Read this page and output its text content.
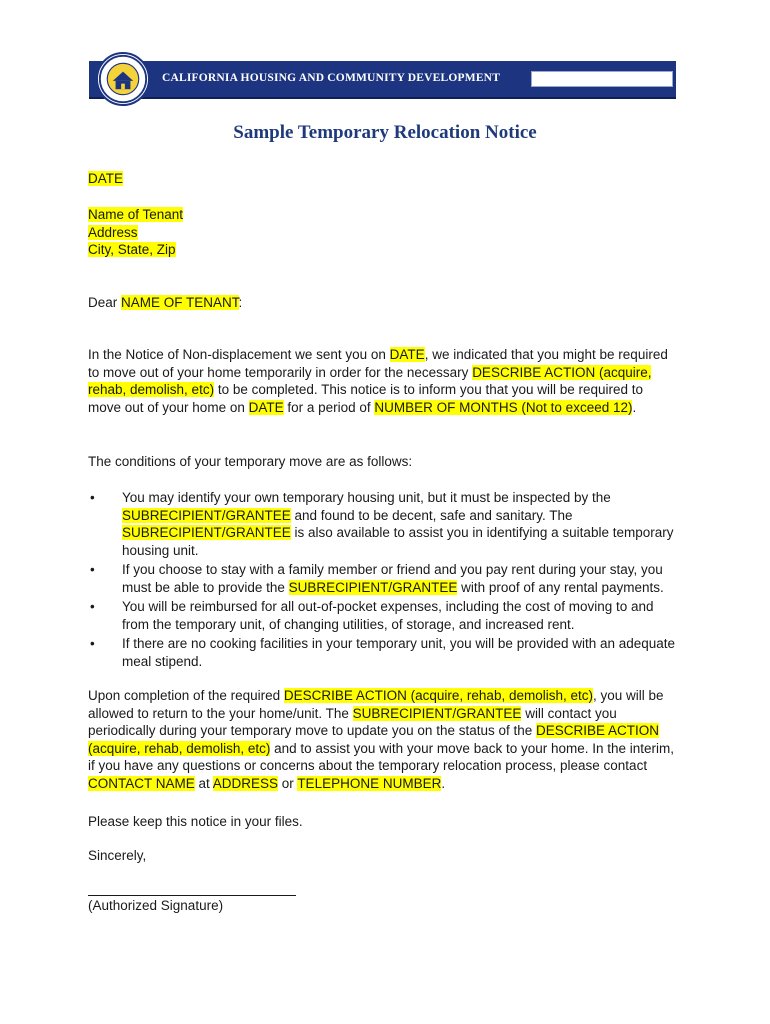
CALIFORNIA HOUSING AND COMMUNITY DEVELOPMENT
Sample Temporary Relocation Notice
DATE
Name of Tenant
Address
City, State, Zip
Dear NAME OF TENANT:
In the Notice of Non-displacement we sent you on DATE, we indicated that you might be required to move out of your home temporarily in order for the necessary DESCRIBE ACTION (acquire, rehab, demolish, etc) to be completed. This notice is to inform you that you will be required to move out of your home on DATE for a period of NUMBER OF MONTHS (Not to exceed 12).
The conditions of your temporary move are as follows:
• You may identify your own temporary housing unit, but it must be inspected by the SUBRECIPIENT/GRANTEE and found to be decent, safe and sanitary. The SUBRECIPIENT/GRANTEE is also available to assist you in identifying a suitable temporary housing unit.
• If you choose to stay with a family member or friend and you pay rent during your stay, you must be able to provide the SUBRECIPIENT/GRANTEE with proof of any rental payments.
• You will be reimbursed for all out-of-pocket expenses, including the cost of moving to and from the temporary unit, of changing utilities, of storage, and increased rent.
• If there are no cooking facilities in your temporary unit, you will be provided with an adequate meal stipend.
Upon completion of the required DESCRIBE ACTION (acquire, rehab, demolish, etc), you will be allowed to return to the your home/unit. The SUBRECIPIENT/GRANTEE will contact you periodically during your temporary move to update you on the status of the DESCRIBE ACTION (acquire, rehab, demolish, etc) and to assist you with your move back to your home. In the interim, if you have any questions or concerns about the temporary relocation process, please contact CONTACT NAME at ADDRESS or TELEPHONE NUMBER.
Please keep this notice in your files.
Sincerely,
(Authorized Signature)
